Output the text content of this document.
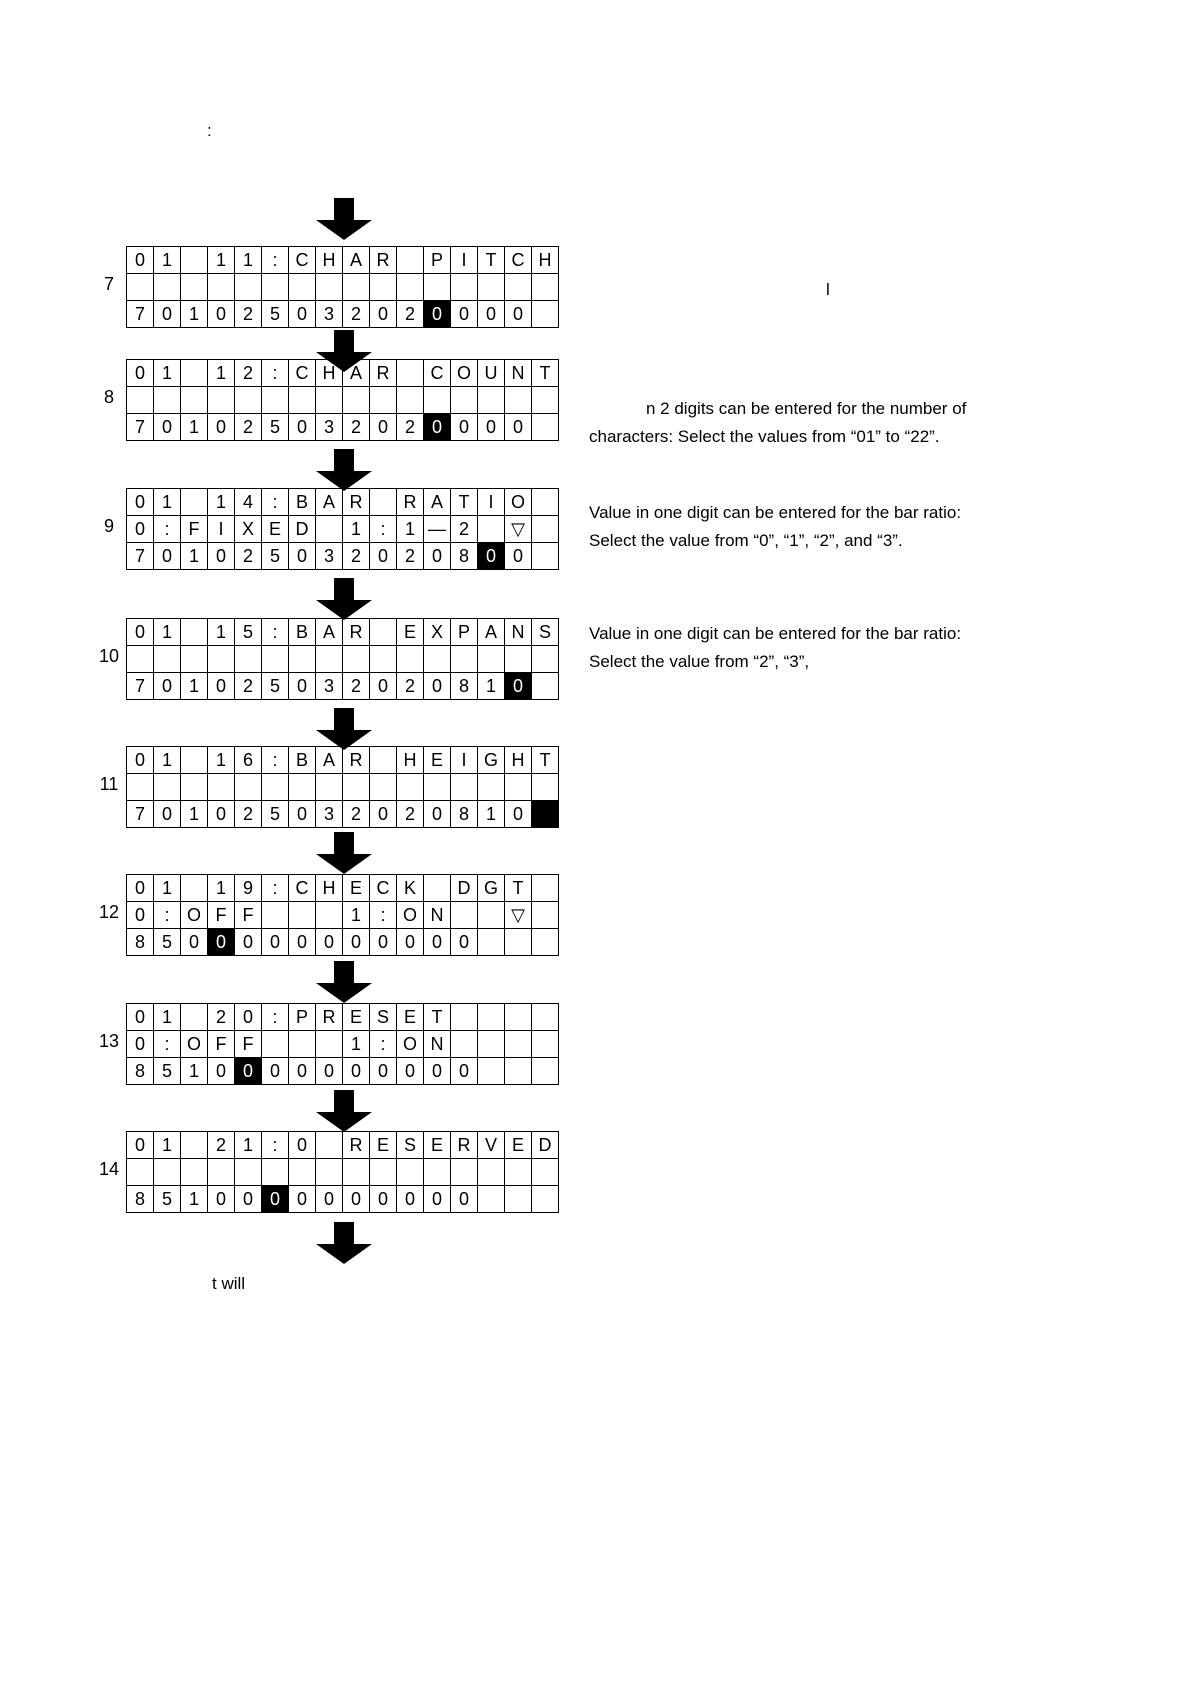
:
l
7
0	1		1	1	:	C	H	A	R		P	I	T	C	H

7	0	1	0	2	5	0	3	2	0	2	0	0	0	0	
8
0	1		1	2	:	C	H	A	R		C	O	U	N	T

7	0	1	0	2	5	0	3	2	0	2	0	0	0	0	
n 2 digits can be entered for the number of
characters: Select the values from “01” to “22”.
9
0	1		1	4	:	B	A	R		R	A	T	I	O	
0	:	F	I	X	E	D		1	:	1	—	2		▽	
7	0	1	0	2	5	0	3	2	0	2	0	8	0	0	
Value in one digit can be entered for the bar ratio:
Select the value from “0”, “1”, “2”, and “3”.
10
0	1		1	5	:	B	A	R		E	X	P	A	N	S

7	0	1	0	2	5	0	3	2	0	2	0	8	1	0	
Value in one digit can be entered for the bar ratio:
Select the value from “2”, “3”,
11
0	1		1	6	:	B	A	R		H	E	I	G	H	T

7	0	1	0	2	5	0	3	2	0	2	0	8	1	0	
12
0	1		1	9	:	C	H	E	C	K		D	G	T	
0	:	O	F	F				1	:	O	N			▽	
8	5	0	0	0	0	0	0	0	0	0	0	0			
13
0	1		2	0	:	P	R	E	S	E	T				
0	:	O	F	F				1	:	O	N				
8	5	1	0	0	0	0	0	0	0	0	0	0			
14
0	1		2	1	:	0		R	E	S	E	R	V	E	D

8	5	1	0	0	0	0	0	0	0	0	0	0			
t will
